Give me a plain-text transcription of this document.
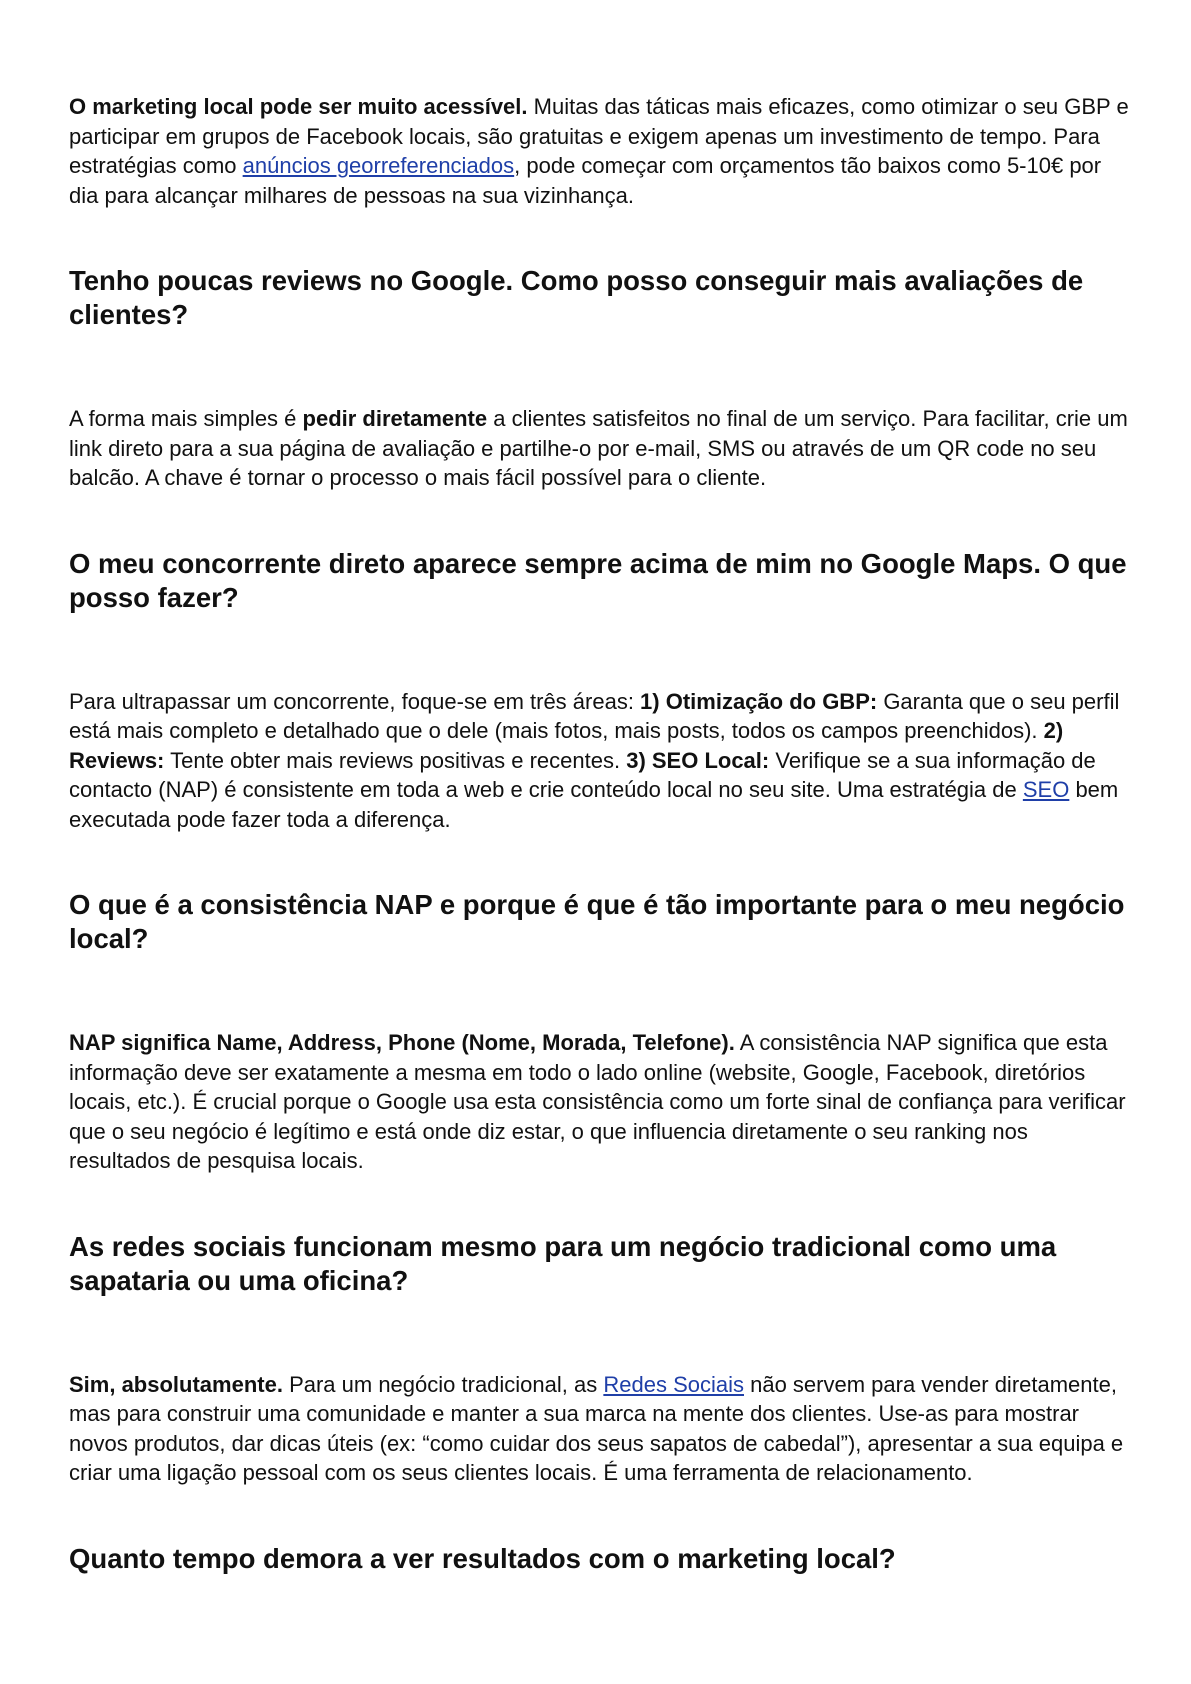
O marketing local pode ser muito acessível. Muitas das táticas mais eficazes, como otimizar o seu GBP e participar em grupos de Facebook locais, são gratuitas e exigem apenas um investimento de tempo. Para estratégias como anúncios georreferenciados, pode começar com orçamentos tão baixos como 5-10€ por dia para alcançar milhares de pessoas na sua vizinhança.

Tenho poucas reviews no Google. Como posso conseguir mais avaliações de clientes?

A forma mais simples é pedir diretamente a clientes satisfeitos no final de um serviço. Para facilitar, crie um link direto para a sua página de avaliação e partilhe-o por e-mail, SMS ou através de um QR code no seu balcão. A chave é tornar o processo o mais fácil possível para o cliente.

O meu concorrente direto aparece sempre acima de mim no Google Maps. O que posso fazer?

Para ultrapassar um concorrente, foque-se em três áreas: 1) Otimização do GBP: Garanta que o seu perfil está mais completo e detalhado que o dele (mais fotos, mais posts, todos os campos preenchidos). 2) Reviews: Tente obter mais reviews positivas e recentes. 3) SEO Local: Verifique se a sua informação de contacto (NAP) é consistente em toda a web e crie conteúdo local no seu site. Uma estratégia de SEO bem executada pode fazer toda a diferença.

O que é a consistência NAP e porque é que é tão importante para o meu negócio local?

NAP significa Name, Address, Phone (Nome, Morada, Telefone). A consistência NAP significa que esta informação deve ser exatamente a mesma em todo o lado online (website, Google, Facebook, diretórios locais, etc.). É crucial porque o Google usa esta consistência como um forte sinal de confiança para verificar que o seu negócio é legítimo e está onde diz estar, o que influencia diretamente o seu ranking nos resultados de pesquisa locais.

As redes sociais funcionam mesmo para um negócio tradicional como uma sapataria ou uma oficina?

Sim, absolutamente. Para um negócio tradicional, as Redes Sociais não servem para vender diretamente, mas para construir uma comunidade e manter a sua marca na mente dos clientes. Use-as para mostrar novos produtos, dar dicas úteis (ex: “como cuidar dos seus sapatos de cabedal”), apresentar a sua equipa e criar uma ligação pessoal com os seus clientes locais. É uma ferramenta de relacionamento.

Quanto tempo demora a ver resultados com o marketing local?
